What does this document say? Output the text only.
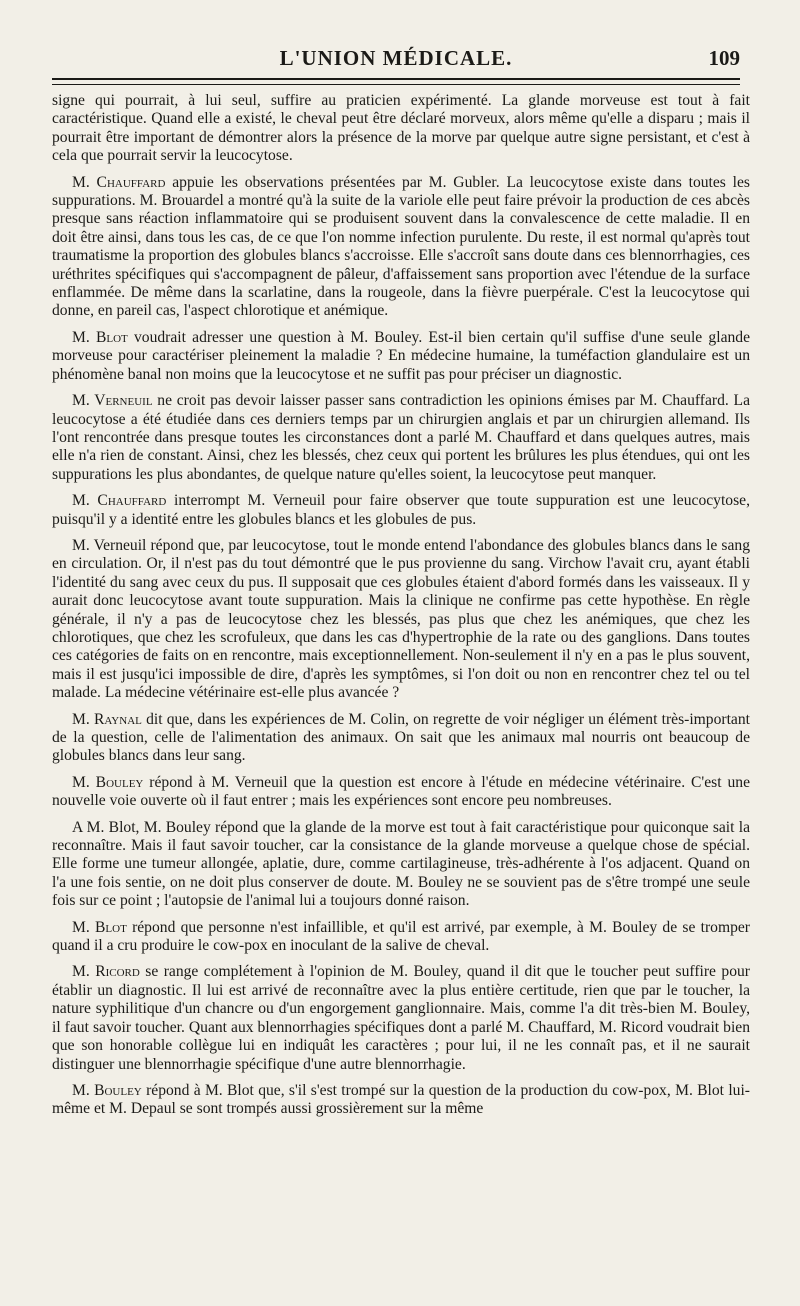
L'UNION MÉDICALE.	109

signe qui pourrait, à lui seul, suffire au praticien expérimenté. La glande morveuse est tout à fait caractéristique. Quand elle a existé, le cheval peut être déclaré morveux, alors même qu'elle a disparu ; mais il pourrait être important de démontrer alors la présence de la morve par quelque autre signe persistant, et c'est à cela que pourrait servir la leucocytose.

M. Chauffard appuie les observations présentées par M. Gubler. La leucocytose existe dans toutes les suppurations. M. Brouardel a montré qu'à la suite de la variole elle peut faire prévoir la production de ces abcès presque sans réaction inflammatoire qui se produisent souvent dans la convalescence de cette maladie. Il en doit être ainsi, dans tous les cas, de ce que l'on nomme infection purulente. Du reste, il est normal qu'après tout traumatisme la proportion des globules blancs s'accroisse. Elle s'accroît sans doute dans ces blennorrhagies, ces uréthrites spécifiques qui s'accompagnent de pâleur, d'affaissement sans proportion avec l'étendue de la surface enflammée. De même dans la scarlatine, dans la rougeole, dans la fièvre puerpérale. C'est la leucocytose qui donne, en pareil cas, l'aspect chlorotique et anémique.

M. Blot voudrait adresser une question à M. Bouley. Est-il bien certain qu'il suffise d'une seule glande morveuse pour caractériser pleinement la maladie ? En médecine humaine, la tuméfaction glandulaire est un phénomène banal non moins que la leucocytose et ne suffit pas pour préciser un diagnostic.

M. Verneuil ne croit pas devoir laisser passer sans contradiction les opinions émises par M. Chauffard. La leucocytose a été étudiée dans ces derniers temps par un chirurgien anglais et par un chirurgien allemand. Ils l'ont rencontrée dans presque toutes les circonstances dont a parlé M. Chauffard et dans quelques autres, mais elle n'a rien de constant. Ainsi, chez les blessés, chez ceux qui portent les brûlures les plus étendues, qui ont les suppurations les plus abondantes, de quelque nature qu'elles soient, la leucocytose peut manquer.

M. Chauffard interrompt M. Verneuil pour faire observer que toute suppuration est une leucocytose, puisqu'il y a identité entre les globules blancs et les globules de pus.

M. Verneuil répond que, par leucocytose, tout le monde entend l'abondance des globules blancs dans le sang en circulation. Or, il n'est pas du tout démontré que le pus provienne du sang. Virchow l'avait cru, ayant établi l'identité du sang avec ceux du pus. Il supposait que ces globules étaient d'abord formés dans les vaisseaux. Il y aurait donc leucocytose avant toute suppuration. Mais la clinique ne confirme pas cette hypothèse. En règle générale, il n'y a pas de leucocytose chez les blessés, pas plus que chez les anémiques, que chez les chlorotiques, que chez les scrofuleux, que dans les cas d'hypertrophie de la rate ou des ganglions. Dans toutes ces catégories de faits on en rencontre, mais exceptionnellement. Non-seulement il n'y en a pas le plus souvent, mais il est jusqu'ici impossible de dire, d'après les symptômes, si l'on doit ou non en rencontrer chez tel ou tel malade. La médecine vétérinaire est-elle plus avancée ?

M. Raynal dit que, dans les expériences de M. Colin, on regrette de voir négliger un élément très-important de la question, celle de l'alimentation des animaux. On sait que les animaux mal nourris ont beaucoup de globules blancs dans leur sang.

M. Bouley répond à M. Verneuil que la question est encore à l'étude en médecine vétérinaire. C'est une nouvelle voie ouverte où il faut entrer ; mais les expériences sont encore peu nombreuses.

A M. Blot, M. Bouley répond que la glande de la morve est tout à fait caractéristique pour quiconque sait la reconnaître. Mais il faut savoir toucher, car la consistance de la glande morveuse a quelque chose de spécial. Elle forme une tumeur allongée, aplatie, dure, comme cartilagineuse, très-adhérente à l'os adjacent. Quand on l'a une fois sentie, on ne doit plus conserver de doute. M. Bouley ne se souvient pas de s'être trompé une seule fois sur ce point ; l'autopsie de l'animal lui a toujours donné raison.

M. Blot répond que personne n'est infaillible, et qu'il est arrivé, par exemple, à M. Bouley de se tromper quand il a cru produire le cow-pox en inoculant de la salive de cheval.

M. Ricord se range complétement à l'opinion de M. Bouley, quand il dit que le toucher peut suffire pour établir un diagnostic. Il lui est arrivé de reconnaître avec la plus entière certitude, rien que par le toucher, la nature syphilitique d'un chancre ou d'un engorgement ganglionnaire. Mais, comme l'a dit très-bien M. Bouley, il faut savoir toucher. Quant aux blennorrhagies spécifiques dont a parlé M. Chauffard, M. Ricord voudrait bien que son honorable collègue lui en indiquât les caractères ; pour lui, il ne les connaît pas, et il ne saurait distinguer une blennorrhagie spécifique d'une autre blennorrhagie.

M. Bouley répond à M. Blot que, s'il s'est trompé sur la question de la production du cow-pox, M. Blot lui-même et M. Depaul se sont trompés aussi grossièrement sur la même
